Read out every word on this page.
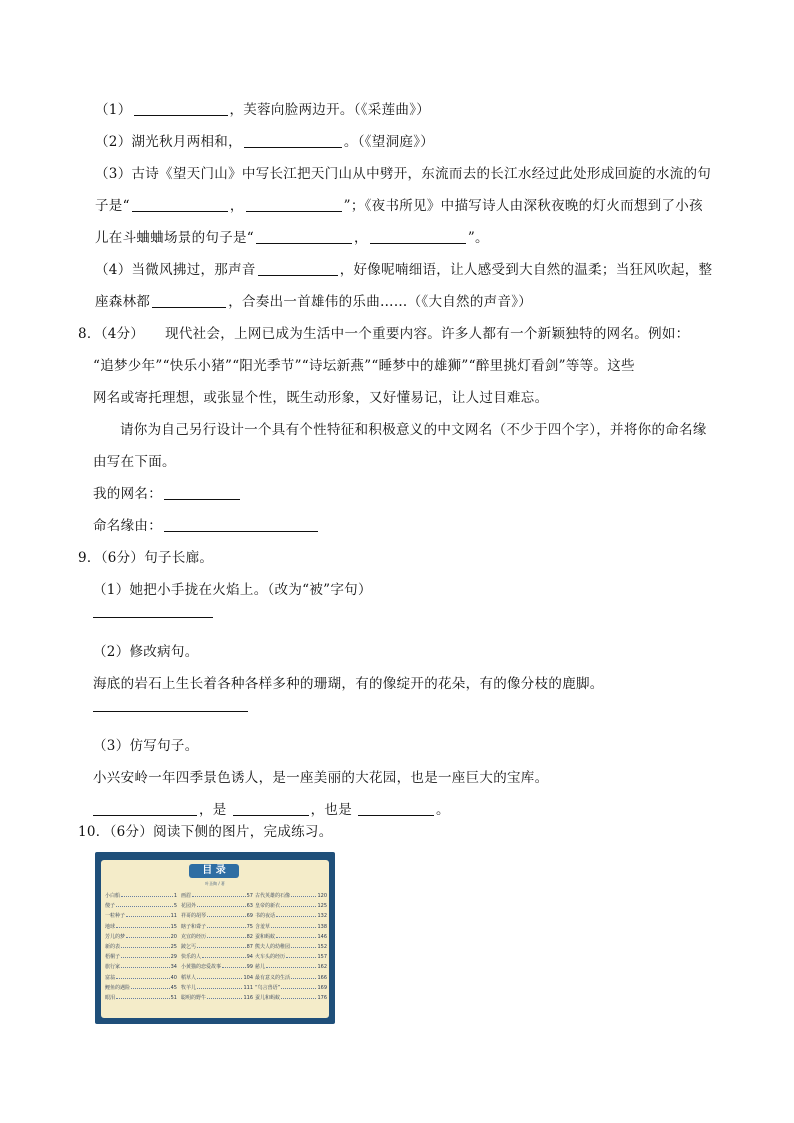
（1）	，芙蓉向脸两边开。（《采莲曲》）
（2）湖光秋月两相和，	。（《望洞庭》）
（3）古诗《望天门山》中写长江把天门山从中劈开，东流而去的长江水经过此处形成回旋的水流的句
子是“	，	”；《夜书所见》中描写诗人由深秋夜晚的灯火而想到了小孩
儿在斗蛐蛐场景的句子是“	，	”。
（4）当微风拂过，那声音	，好像呢喃细语，让人感受到大自然的温柔；当狂风吹起，整
座森林都	，合奏出一首雄伟的乐曲……（《大自然的声音》）
8．（4分）　　现代社会，上网已成为生活中一个重要内容。许多人都有一个新颖独特的网名。例如：
“追梦少年”“快乐小猪”“阳光季节”“诗坛新燕”“睡梦中的雄狮”“醉里挑灯看剑”等等。这些
网名或寄托理想，或张显个性，既生动形象，又好懂易记，让人过目难忘。
请你为自己另行设计一个具有个性特征和积极意义的中文网名（不少于四个字），并将你的命名缘
由写在下面。
我的网名：
命名缘由：
9．（6分）句子长廊。
（1）她把小手拢在火焰上。（改为“被”字句）
（2）修改病句。
海底的岩石上生长着各种各样多种的珊瑚，有的像绽开的花朵，有的像分枝的鹿脚。
（3）仿写句子。
小兴安岭一年四季景色诱人，是一座美丽的大花园，也是一座巨大的宝库。
，是	，也是	。
10．（6分）阅读下侧的图片，完成练习。
目 录
叶圣陶 / 著
小白船	1
傻子	5
一粒种子	11
地球	15
芳儿的梦	20
新的表	25
梧桐子	29
旅行家	34
富翁	40
鲤鱼的遇险	45
眼泪	51
画眉	57
花园外	63
祥哥的胡琴	69
瞎子和聋子	75
克宜的经历	82
跛乞丐	87
快乐的人	94
小黄猫的恋爱故事	99
稻草人	104
牧羊儿	111
聪明的野牛	116
古代英雄的石像	120
皇帝的新衣	125
书的夜话	132
含羞草	138
蚕和蚂蚁	146
熊夫人的幼稚园	152
火车头的经历	157
慈儿	162
最有意义的生活	166
“鸟言兽语”	169
蚕儿和蚂蚁	176
